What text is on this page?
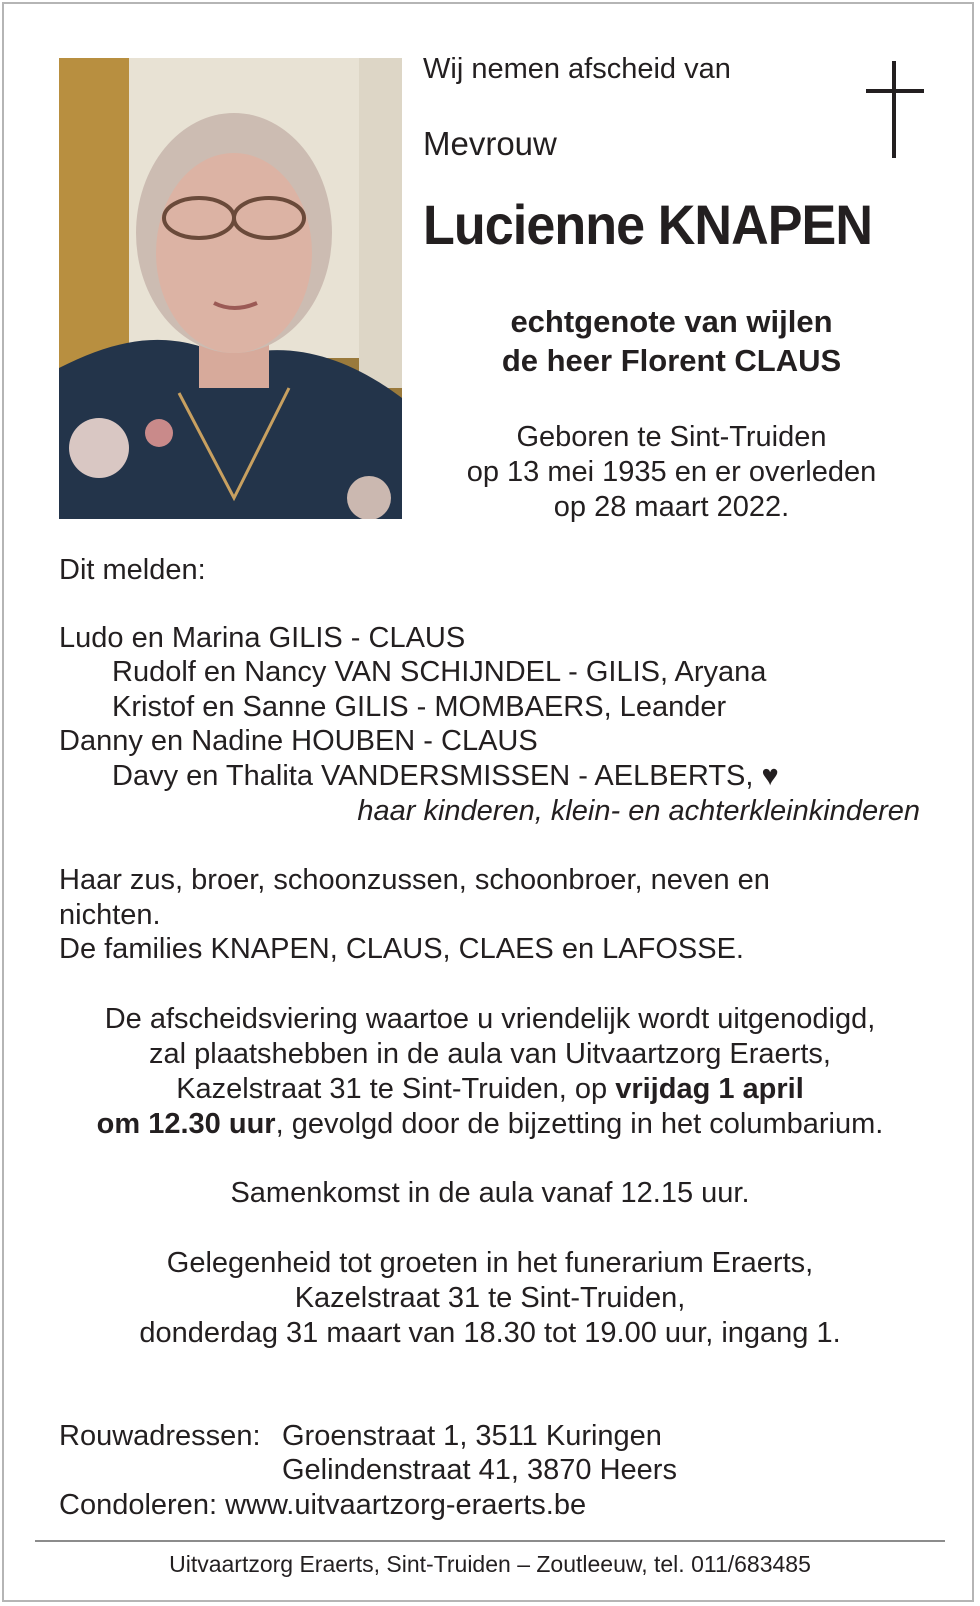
Wij nemen afscheid van
Mevrouw
Lucienne KNAPEN
echtgenote van wijlen
de heer Florent CLAUS
Geboren te Sint-Truiden
op 13 mei 1935 en er overleden
op 28 maart 2022.
Dit melden:
Ludo en Marina GILIS - CLAUS
Rudolf en Nancy VAN SCHIJNDEL - GILIS, Aryana
Kristof en Sanne GILIS - MOMBAERS, Leander
Danny en Nadine HOUBEN - CLAUS
Davy en Thalita VANDERSMISSEN - AELBERTS, ♥
haar kinderen, klein- en achterkleinkinderen
Haar zus, broer, schoonzussen, schoonbroer, neven en
nichten.
De families KNAPEN, CLAUS, CLAES en LAFOSSE.
De afscheidsviering waartoe u vriendelijk wordt uitgenodigd,
zal plaatshebben in de aula van Uitvaartzorg Eraerts,
Kazelstraat 31 te Sint-Truiden, op vrijdag 1 april
om 12.30 uur, gevolgd door de bijzetting in het columbarium.
Samenkomst in de aula vanaf 12.15 uur.
Gelegenheid tot groeten in het funerarium Eraerts,
Kazelstraat 31 te Sint-Truiden,
donderdag 31 maart van 18.30 tot 19.00 uur, ingang 1.
Rouwadressen: Groenstraat 1, 3511 Kuringen
Gelindenstraat 41, 3870 Heers
Condoleren: www.uitvaartzorg-eraerts.be
Uitvaartzorg Eraerts, Sint-Truiden – Zoutleeuw, tel. 011/683485
